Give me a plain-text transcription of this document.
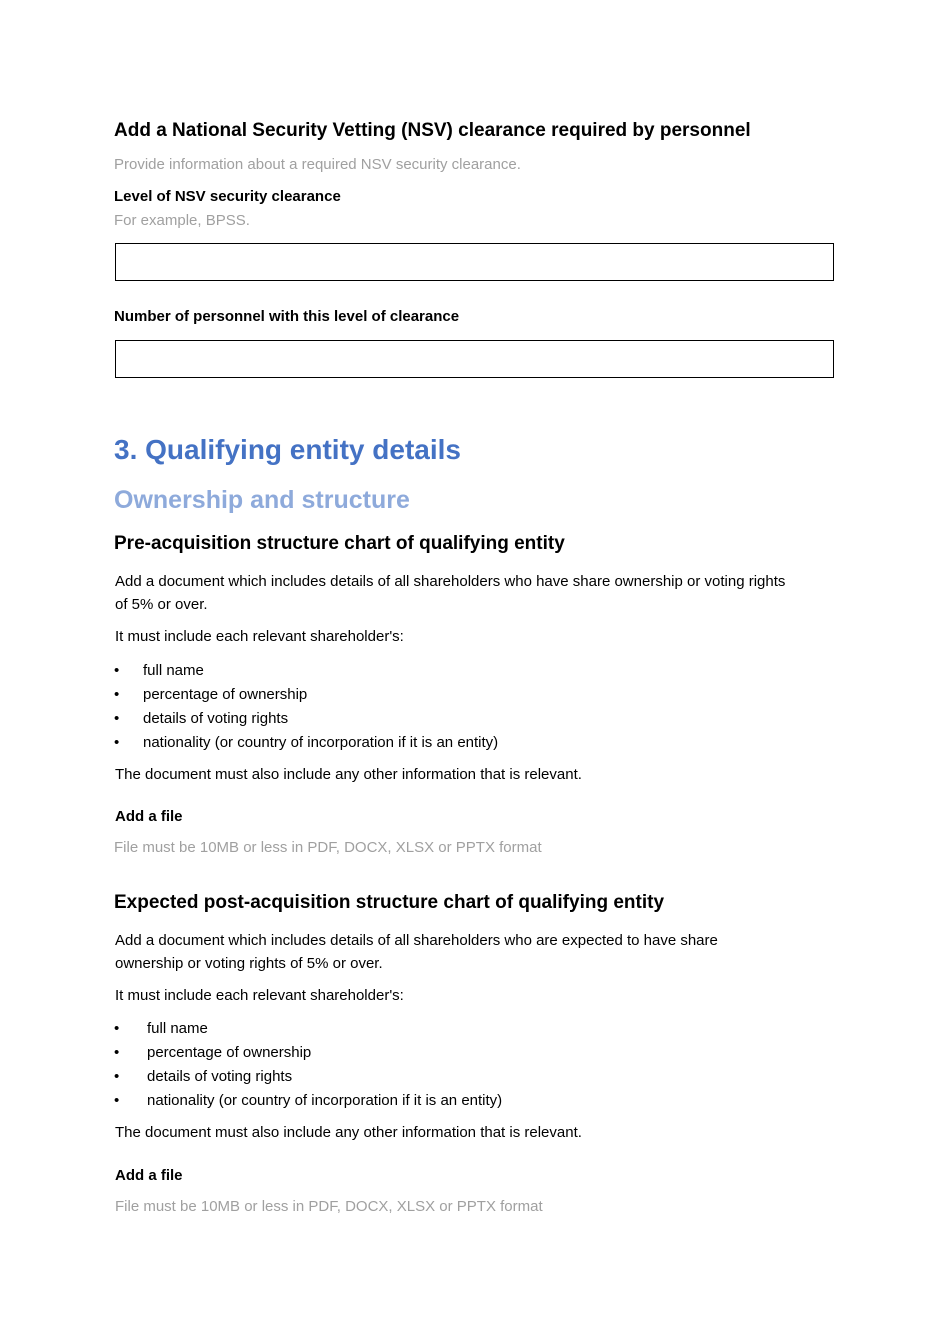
Add a National Security Vetting (NSV) clearance required by personnel
Provide information about a required NSV security clearance.
Level of NSV security clearance
For example, BPSS.
Number of personnel with this level of clearance
3. Qualifying entity details
Ownership and structure
Pre-acquisition structure chart of qualifying entity
Add a document which includes details of all shareholders who have share ownership or voting rights
of 5% or over.
It must include each relevant shareholder's:
• full name
• percentage of ownership
• details of voting rights
• nationality (or country of incorporation if it is an entity)
The document must also include any other information that is relevant.
Add a file
File must be 10MB or less in PDF, DOCX, XLSX or PPTX format
Expected post-acquisition structure chart of qualifying entity
Add a document which includes details of all shareholders who are expected to have share
ownership or voting rights of 5% or over.
It must include each relevant shareholder's:
• full name
• percentage of ownership
• details of voting rights
• nationality (or country of incorporation if it is an entity)
The document must also include any other information that is relevant.
Add a file
File must be 10MB or less in PDF, DOCX, XLSX or PPTX format
